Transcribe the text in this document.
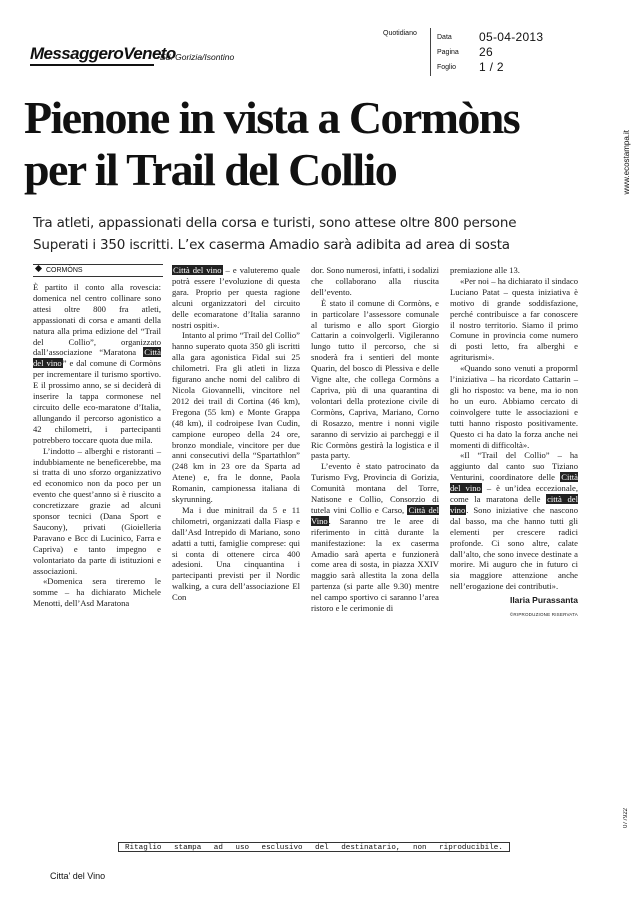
MessaggeroVeneto
Ed. Gorizia/Isontino
Quotidiano
Data 05-04-2013
Pagina 26
Foglio 1 / 2
www.ecostampa.it
Pienone in vista a Cormòns
per il Trail del Collio
Tra atleti, appassionati della corsa e turisti, sono attese oltre 800 persone
Superati i 350 iscritti. L’ex caserma Amadio sarà adibita ad area di sosta
CORMÒNS

È partito il conto alla rovescia: domenica nel centro collinare sono attesi oltre 800 fra atleti, appassionati di corsa e amanti della natura alla prima edizione del “Trail del Collio”, organizzato dall’associazione “Maratona Città del vino” e dal comune di Cormòns per incrementare il turismo sportivo. E il prossimo anno, se si deciderà di inserire la tappa cormonese nel circuito delle eco-maratone d’Italia, allungando il percorso agonistico a 42 chilometri, i partecipanti potrebbero toccare quota due mila.

L’indotto – alberghi e ristoranti – indubbiamente ne beneficerebbe, ma si tratta di uno sforzo organizzativo ed economico non da poco per un evento che quest’anno si è riuscito a concretizzare grazie ad alcuni sponsor tecnici (Dana Sport e Saucony), privati (Gioielleria Paravano e Bcc di Lucinico, Farra e Capriva) e tanto impegno e volontariato da parte di istituzioni e associazioni.

«Domenica sera tireremo le somme – ha dichiarato Michele Menotti, dell’Asd Maratona

Città del vino – e valuteremo quale potrà essere l’evoluzione di questa gara. Proprio per questa ragione alcuni organizzatori del circuito delle ecomaratone d’Italia saranno nostri ospiti».

Intanto al primo “Trail del Collio” hanno superato quota 350 gli iscritti alla gara agonistica Fidal sui 25 chilometri. Fra gli atleti in lizza figurano anche nomi del calibro di Nicola Giovannelli, vincitore nel 2012 dei trail di Cortina (46 km), Fregona (55 km) e Monte Grappa (48 km), il codroipese Ivan Cudin, campione europeo della 24 ore, bronzo mondiale, vincitore per due anni consecutivi della “Spartathlon” (248 km in 23 ore da Sparta ad Atene) e, fra le donne, Paola Romanin, campionessa italiana di skyrunning.

Ma i due minitrail da 5 e 11 chilometri, organizzati dalla Fiasp e dall’Asd Intrepido di Mariano, sono adatti a tutti, famiglie comprese: qui si conta di ottenere circa 400 adesioni. Una cinquantina i partecipanti previsti per il Nordic walking, a cura dell’associazione El Con

dor. Sono numerosi, infatti, i sodalizi che collaborano alla riuscita dell’evento.

È stato il comune di Cormòns, e in particolare l’assessore comunale al turismo e allo sport Giorgio Cattarin a coinvolgerli. Vigileranno lungo tutto il percorso, che si snoderà fra i sentieri del monte Quarin, del bosco di Plessiva e delle Vigne alte, che collega Cormòns a Capriva, più di una quarantina di volontari della protezione civile di Cormòns, Capriva, Mariano, Corno di Rosazzo, mentre i nonni vigile saranno di servizio ai parcheggi e il Ric Cormòns gestirà la logistica e il pasta party.

L’evento è stato patrocinato da Turismo Fvg, Provincia di Gorizia, Comunità montana del Torre, Natisone e Collio, Consorzio di tutela vini Collio e Carso, Città del Vino. Saranno tre le aree di riferimento in città durante la manifestazione: la ex caserma Amadio sarà aperta e funzionerà come area di sosta, in piazza XXIV maggio sarà allestita la zona della partenza (si parte alle 9.30) mentre nel campo sportivo ci saranno l’area ristoro e le cerimonie di

premiazione alle 13.

«Per noi – ha dichiarato il sindaco Luciano Patat – questa iniziativa è motivo di grande soddisfazione, perché contribuisce a far conoscere il nostro territorio. Siamo il primo Comune in provincia come numero di posti letto, fra alberghi e agriturismi».

«Quando sono venuti a proporml l’iniziativa – ha ricordato Cattarin – gli ho risposto: va bene, ma io non ho un euro. Abbiamo cercato di coinvolgere tutte le associazioni e tutti hanno risposto positivamente. Questo ci ha dato la forza anche nei momenti di difficoltà».

«Il “Trail del Collio” – ha aggiunto dal canto suo Tiziano Venturini, coordinatore delle Città del vino – è un’idea eccezionale, come la maratona delle città del vino. Sono iniziative che nascono dal basso, ma che hanno tutti gli elementi per crescere radici profonde. Ci sono altre, calate dall’alto, che sono invece destinate a morire. Mi auguro che in futuro ci sia maggiore attenzione anche nell’erogazione dei contributi».

Ilaria Purassanta
©RIPRODUZIONE RISERVATA
Ritaglio stampa ad uso esclusivo del destinatario, non riproducibile.
077922
Citta' del Vino
